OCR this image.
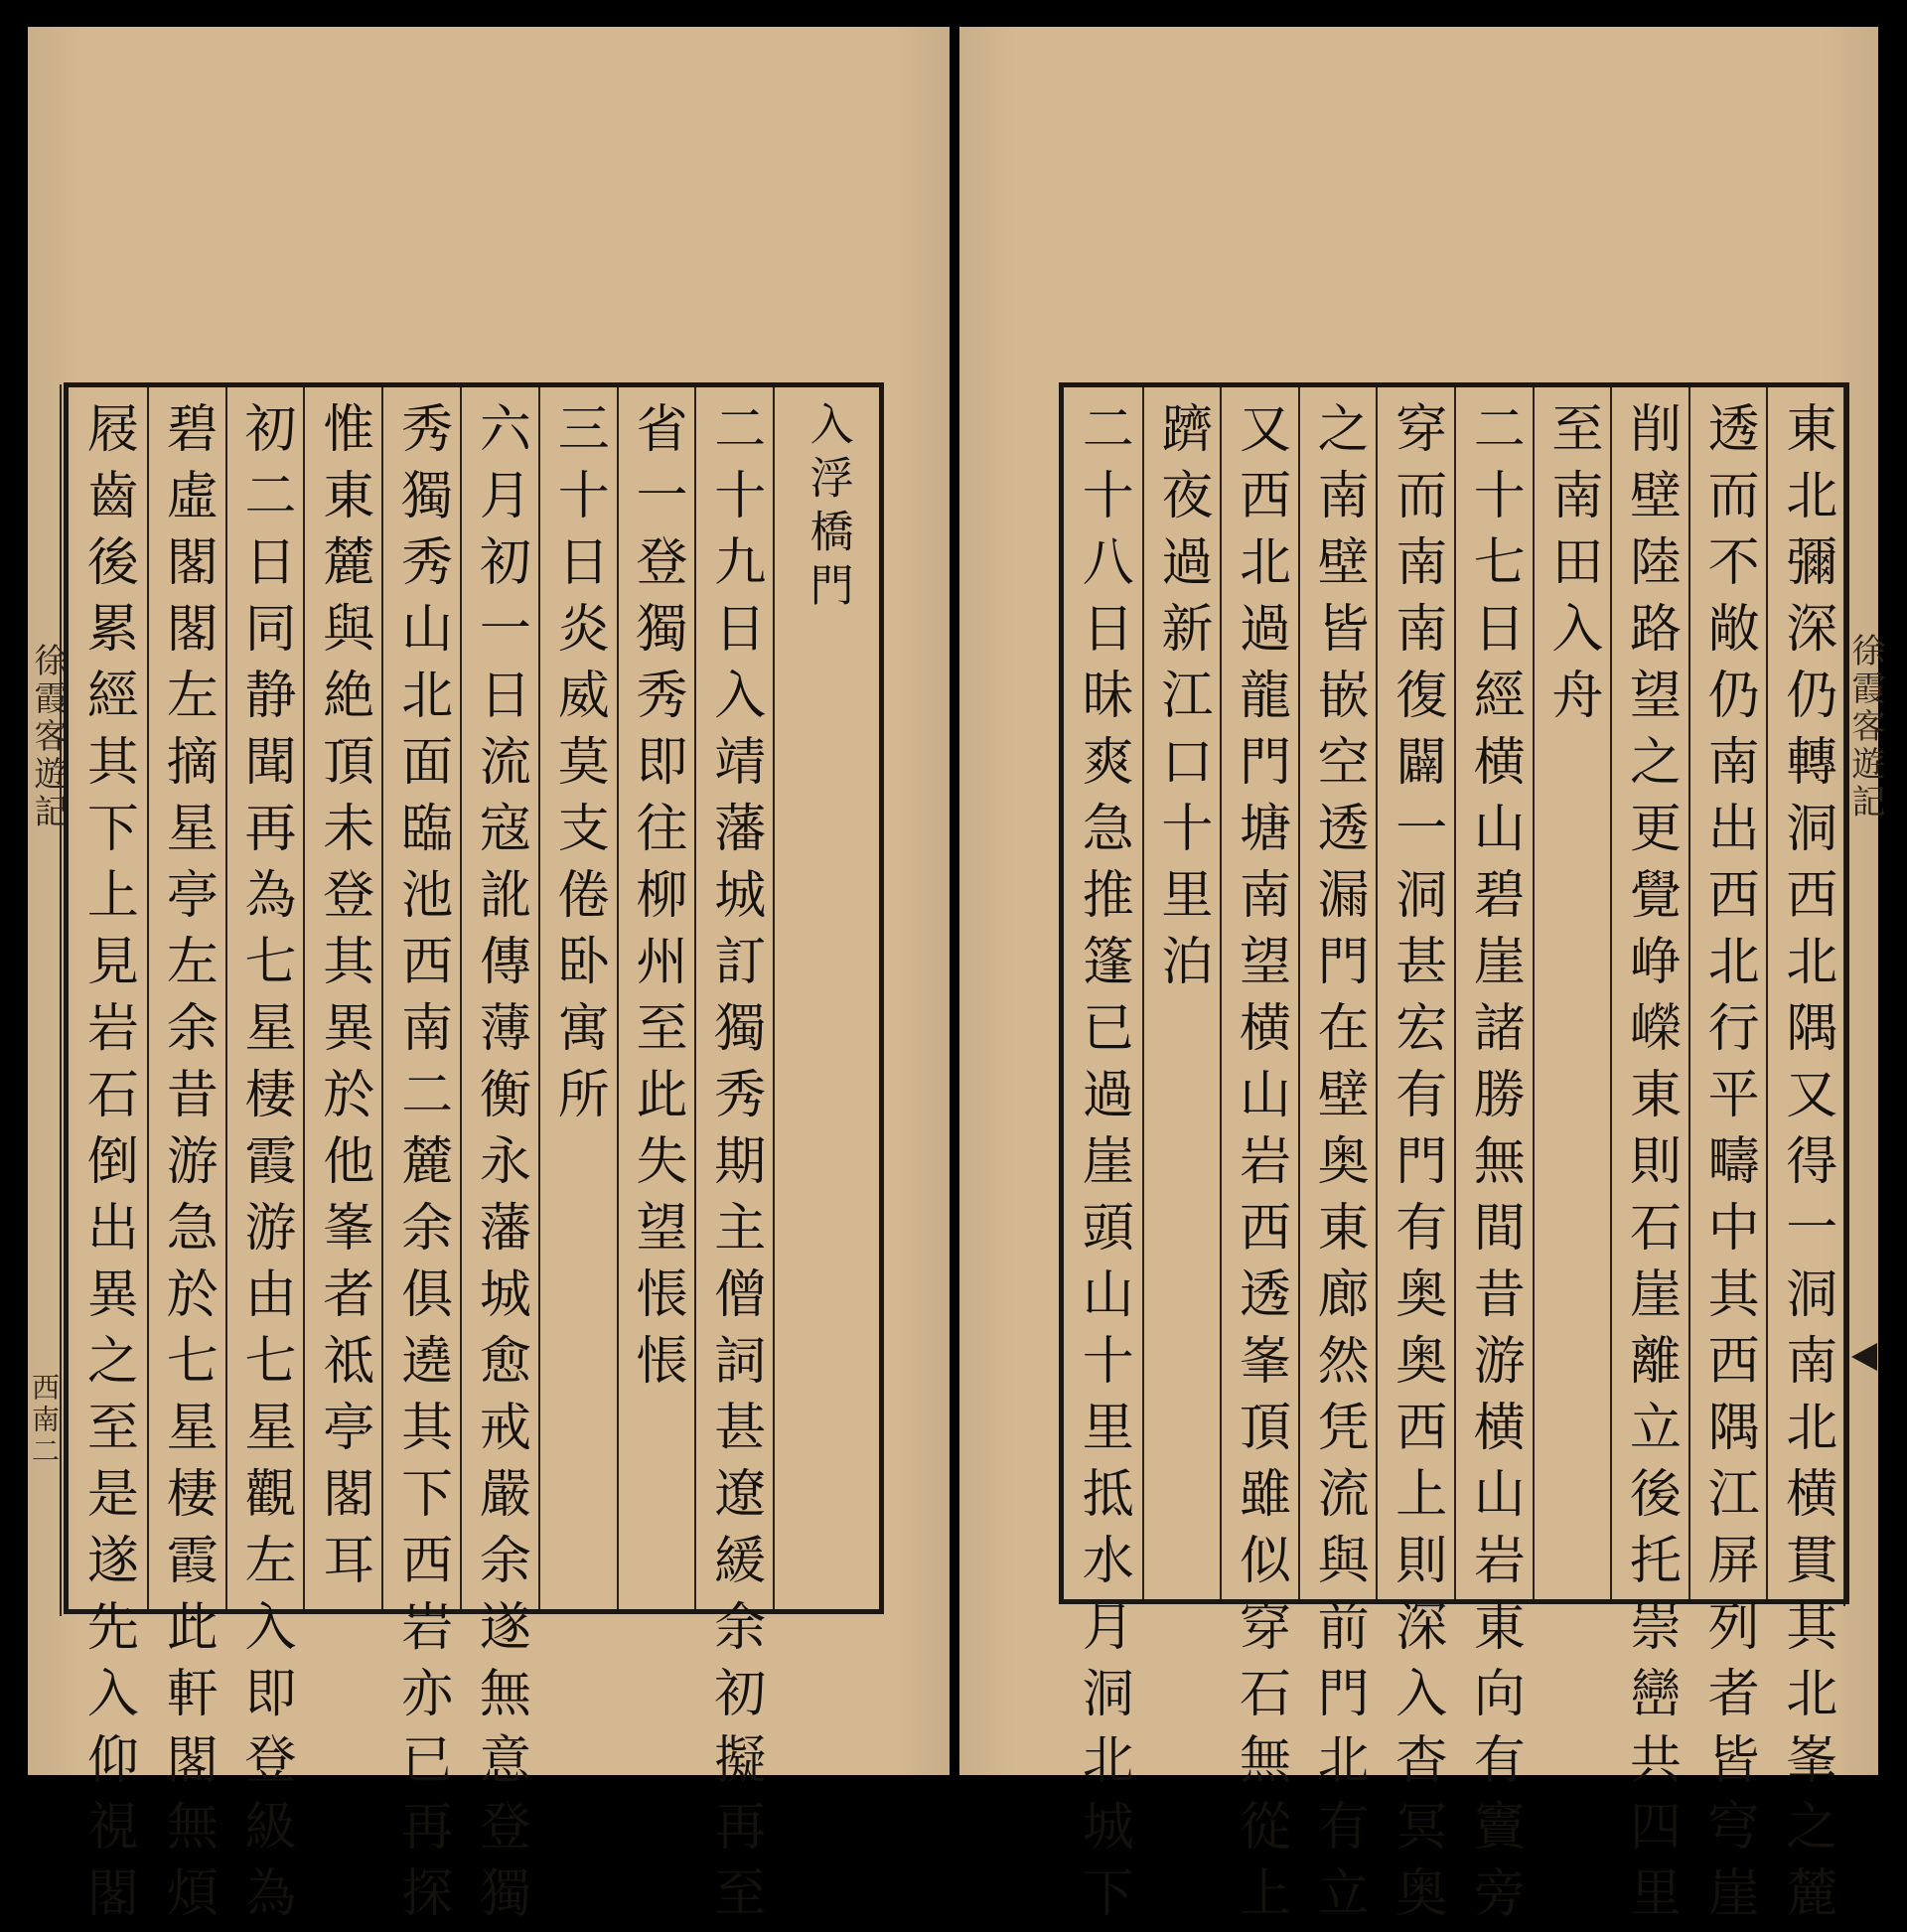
徐霞客遊記
西南二 屐齒後累經其下上見岩石倒出異之至是遂先入仰視閣 碧虛閣閣左摘星亭左余昔游急於七星棲霞此軒閣無煩 初二日同静聞再為七星棲霞游由七星觀左入即登級為 惟東麓與絶頂未登其異於他峯者祗亭閣耳 秀獨秀山北面臨池西南二麓余俱遶其下西岩亦已再探 六月初一日流寇訛傳薄衡永藩城愈戒嚴余遂無意登獨 三十日炎威莫支倦卧寓所 省一登獨秀即往柳州至此失望悵悵 二十九日入靖藩城訂獨秀期主僧詞甚遼緩余初擬再至 入浮橋門
徐霞客遊記
二十八日昧爽急推篷已過崖頭山十里抵水月洞北城下 躋夜過新江口十里泊 又西北過龍門塘南望横山岩西透峯頂雖似穿石無從上 之南壁皆嵌空透漏門在壁奥東廊然凭流與前門北有立 穿而南南復闢一洞甚宏有門有奥奥西上則深入杳冥奥 二十七日經横山碧崖諸勝無間昔游横山岩東向有竇旁 至南田入舟 削壁陸路望之更覺峥嶸東則石崖離立後托崇巒共四里 透而不敞仍南出西北行平疇中其西隅江屏列者皆穹崖 東北彌深仍轉洞西北隅又得一洞南北横貫其北峯之麓
